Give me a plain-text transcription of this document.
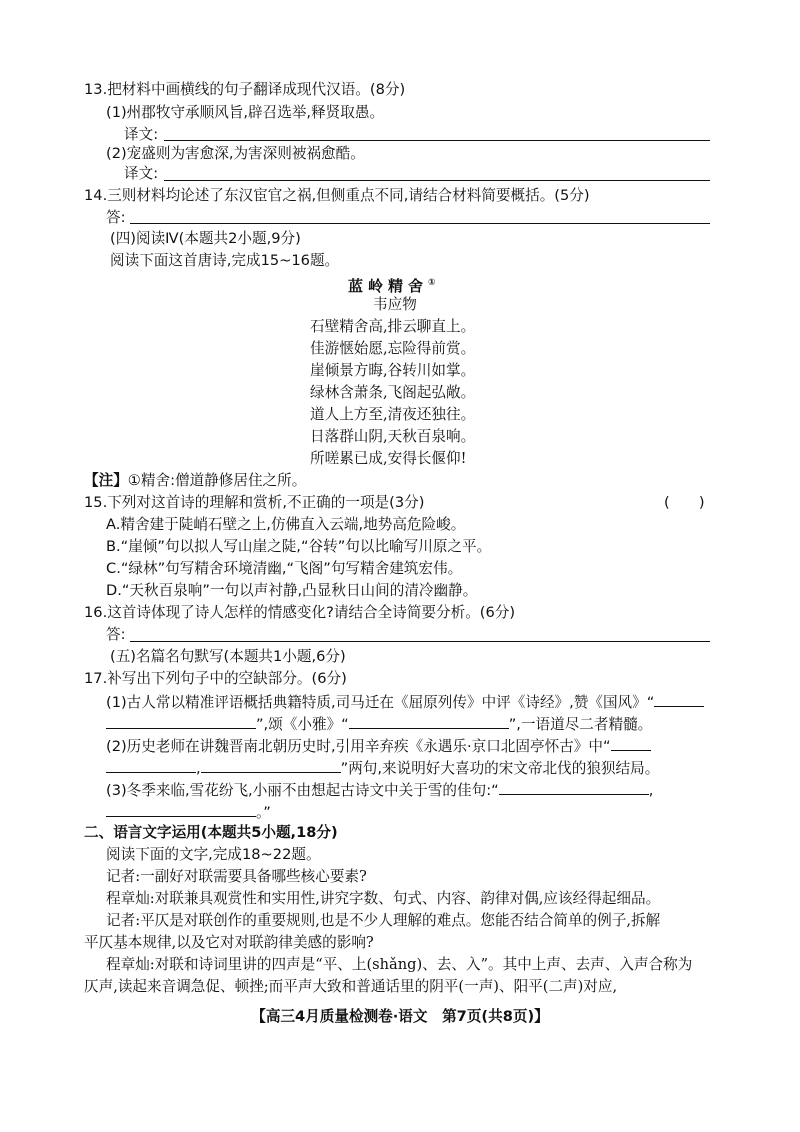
13.把材料中画横线的句子翻译成现代汉语。(8分)
(1)州郡牧守承顺风旨,辟召选举,释贤取愚。
译文:
(2)宠盛则为害愈深,为害深则被祸愈酷。
译文:
14.三则材料均论述了东汉宦官之祸,但侧重点不同,请结合材料简要概括。(5分)
答:
(四)阅读Ⅳ(本题共2小题,9分)
阅读下面这首唐诗,完成15~16题。
蓝岭精舍①
韦应物
石壁精舍高,排云聊直上。
佳游惬始愿,忘险得前赏。
崖倾景方晦,谷转川如掌。
绿林含萧条,飞阁起弘敞。
道人上方至,清夜还独往。
日落群山阴,天秋百泉响。
所嗟累已成,安得长偃仰!
【注】①精舍:僧道静修居住之所。
15.下列对这首诗的理解和赏析,不正确的一项是(3分)	(　　)
A.精舍建于陡峭石壁之上,仿佛直入云端,地势高危险峻。
B.“崖倾”句以拟人写山崖之陡,“谷转”句以比喻写川原之平。
C.“绿林”句写精舍环境清幽,“飞阁”句写精舍建筑宏伟。
D.“天秋百泉响”一句以声衬静,凸显秋日山间的清冷幽静。
16.这首诗体现了诗人怎样的情感变化?请结合全诗简要分析。(6分)
答:
(五)名篇名句默写(本题共1小题,6分)
17.补写出下列句子中的空缺部分。(6分)
(1)古人常以精准评语概括典籍特质,司马迁在《屈原列传》中评《诗经》,赞《国风》“
”,颂《小雅》“	”,一语道尽二者精髓。
(2)历史老师在讲魏晋南北朝历史时,引用辛弃疾《永遇乐·京口北固亭怀古》中“
,	”两句,来说明好大喜功的宋文帝北伐的狼狈结局。
(3)冬季来临,雪花纷飞,小丽不由想起古诗文中关于雪的佳句:“	,
。”
二、语言文字运用(本题共5小题,18分)
阅读下面的文字,完成18~22题。
记者:一副好对联需要具备哪些核心要素?
程章灿:对联兼具观赏性和实用性,讲究字数、句式、内容、韵律对偶,应该经得起细品。
记者:平仄是对联创作的重要规则,也是不少人理解的难点。您能否结合简单的例子,拆解
平仄基本规律,以及它对对联韵律美感的影响?
程章灿:对联和诗词里讲的四声是“平、上(shǎng)、去、入”。其中上声、去声、入声合称为
仄声,读起来音调急促、顿挫;而平声大致和普通话里的阴平(一声)、阳平(二声)对应,
【高三4月质量检测卷·语文　第7页(共8页)】
